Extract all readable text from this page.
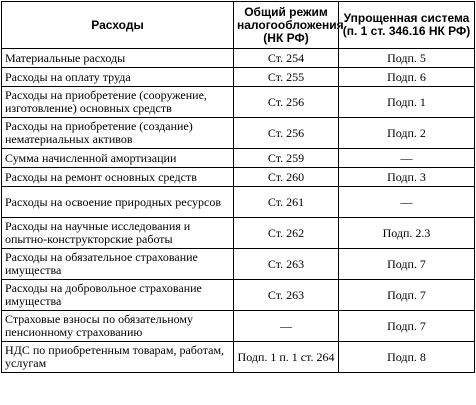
Расходы	Общий режим налогообложения (НК РФ)	Упрощенная система (п. 1 ст. 346.16 НК РФ)
Материальные расходы	Ст. 254	Подп. 5
Расходы на оплату труда	Ст. 255	Подп. 6
Расходы на приобретение (сооружение, изготовление) основных средств	Ст. 256	Подп. 1
Расходы на приобретение (создание) нематериальных активов	Ст. 256	Подп. 2
Сумма начисленной амортизации	Ст. 259	—
Расходы на ремонт основных средств	Ст. 260	Подп. 3
Расходы на освоение природных ресурсов	Ст. 261	—
Расходы на научные исследования и опытно-конструкторские работы	Ст. 262	Подп. 2.3
Расходы на обязательное страхование имущества	Ст. 263	Подп. 7
Расходы на добровольное страхование имущества	Ст. 263	Подп. 7
Страховые взносы по обязательному пенсионному страхованию	—	Подп. 7
НДС по приобретенным товарам, работам, услугам	Подп. 1 п. 1 ст. 264	Подп. 8
